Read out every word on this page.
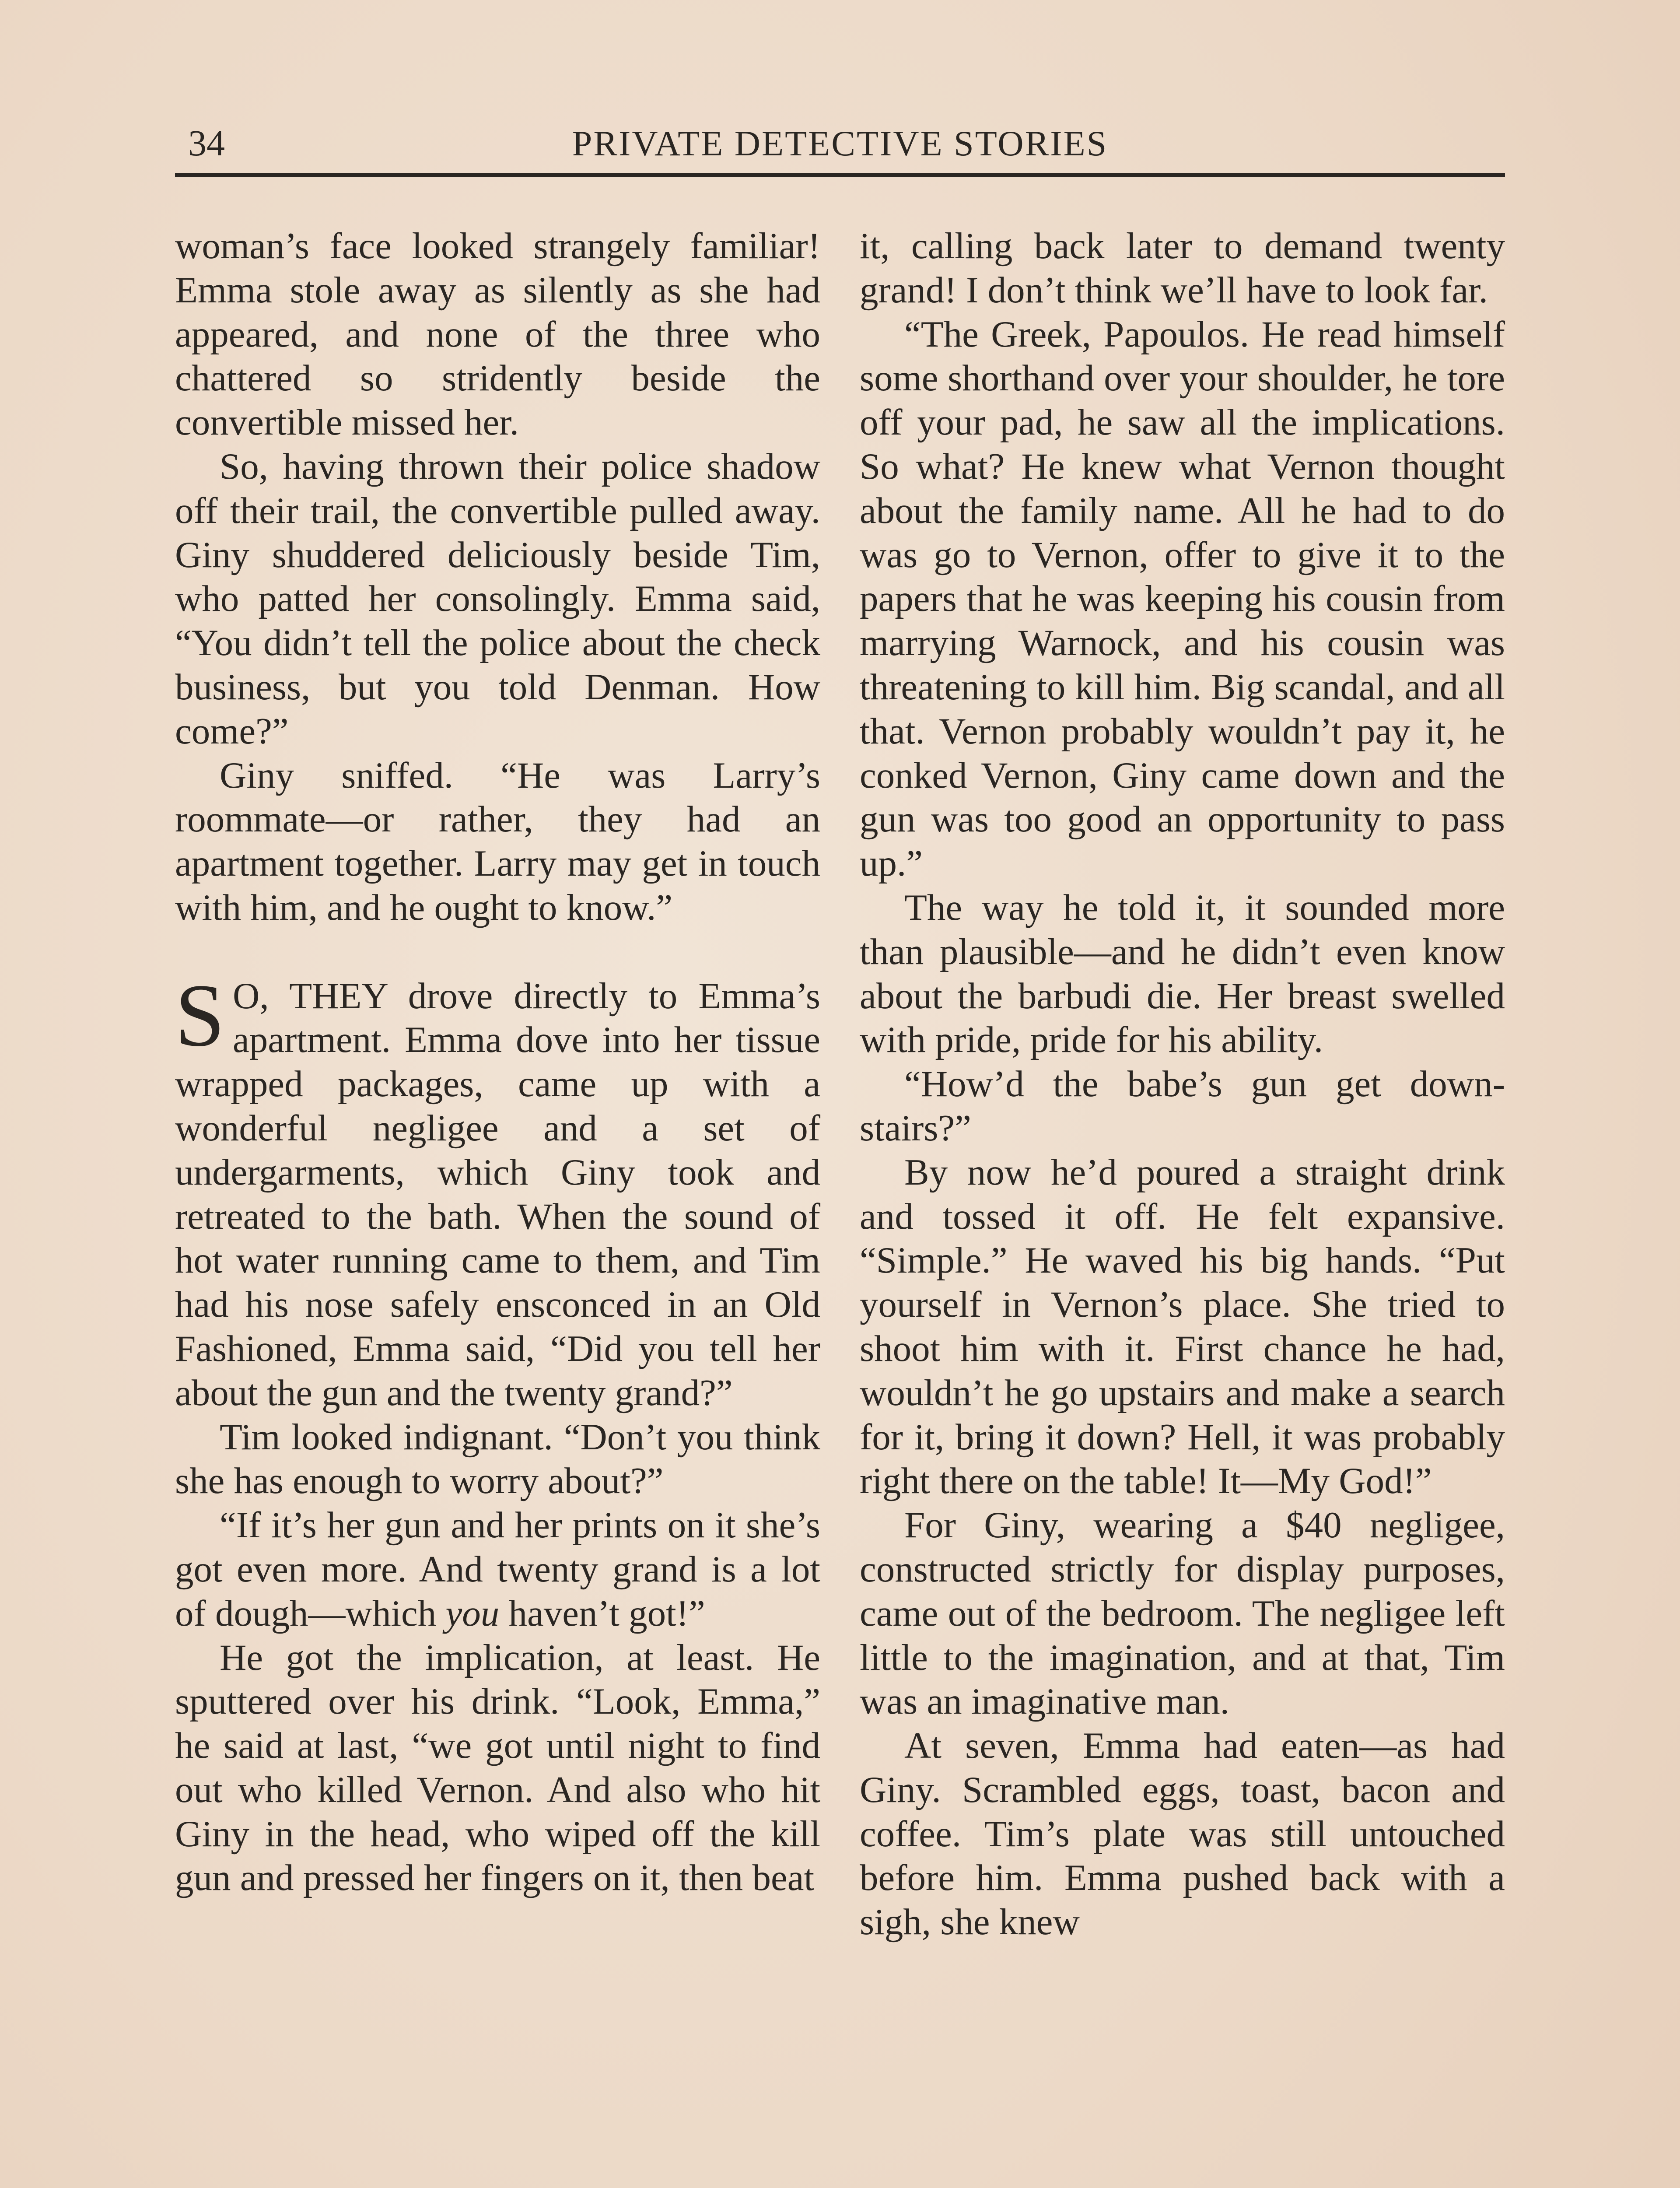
34	PRIVATE DETECTIVE STORIES

woman’s face looked strangely familiar! Emma stole away as silently as she had appeared, and none of the three who chattered so stridently beside the convertible missed her.

So, having thrown their police shadow off their trail, the convertible pulled away. Giny shuddered deliciously beside Tim, who patted her consolingly. Emma said, “You didn’t tell the police about the check business, but you told Denman. How come?”

Giny sniffed. “He was Larry’s roommate—or rather, they had an apartment together. Larry may get in touch with him, and he ought to know.”

S O, THEY drove directly to Emma’s apartment. Emma dove into her tissue wrapped packages, came up with a wonderful negligee and a set of undergarments, which Giny took and retreated to the bath. When the sound of hot water running came to them, and Tim had his nose safely ensconced in an Old Fashioned, Emma said, “Did you tell her about the gun and the twenty grand?”

Tim looked indignant. “Don’t you think she has enough to worry about?”

“If it’s her gun and her prints on it she’s got even more. And twenty grand is a lot of dough—which you haven’t got!”

He got the implication, at least. He sputtered over his drink. “Look, Emma,” he said at last, “we got until night to find out who killed Vernon. And also who hit Giny in the head, who wiped off the kill gun and pressed her fingers on it, then beat

it, calling back later to demand twenty grand! I don’t think we’ll have to look far.

“The Greek, Papoulos. He read himself some shorthand over your shoulder, he tore off your pad, he saw all the implications. So what? He knew what Vernon thought about the family name. All he had to do was go to Vernon, offer to give it to the papers that he was keeping his cousin from marrying Warnock, and his cousin was threatening to kill him. Big scandal, and all that. Vernon probably wouldn’t pay it, he conked Vernon, Giny came down and the gun was too good an opportunity to pass up.”

The way he told it, it sounded more than plausible—and he didn’t even know about the barbudi die. Her breast swelled with pride, pride for his ability.

“How’d the babe’s gun get downstairs?”

By now he’d poured a straight drink and tossed it off. He felt expansive. “Simple.” He waved his big hands. “Put yourself in Vernon’s place. She tried to shoot him with it. First chance he had, wouldn’t he go upstairs and make a search for it, bring it down? Hell, it was probably right there on the table! It—My God!”

For Giny, wearing a $40 negligee, constructed strictly for display purposes, came out of the bedroom. The negligee left little to the imagination, and at that, Tim was an imaginative man.

At seven, Emma had eaten—as had Giny. Scrambled eggs, toast, bacon and coffee. Tim’s plate was still untouched before him. Emma pushed back with a sigh, she knew
